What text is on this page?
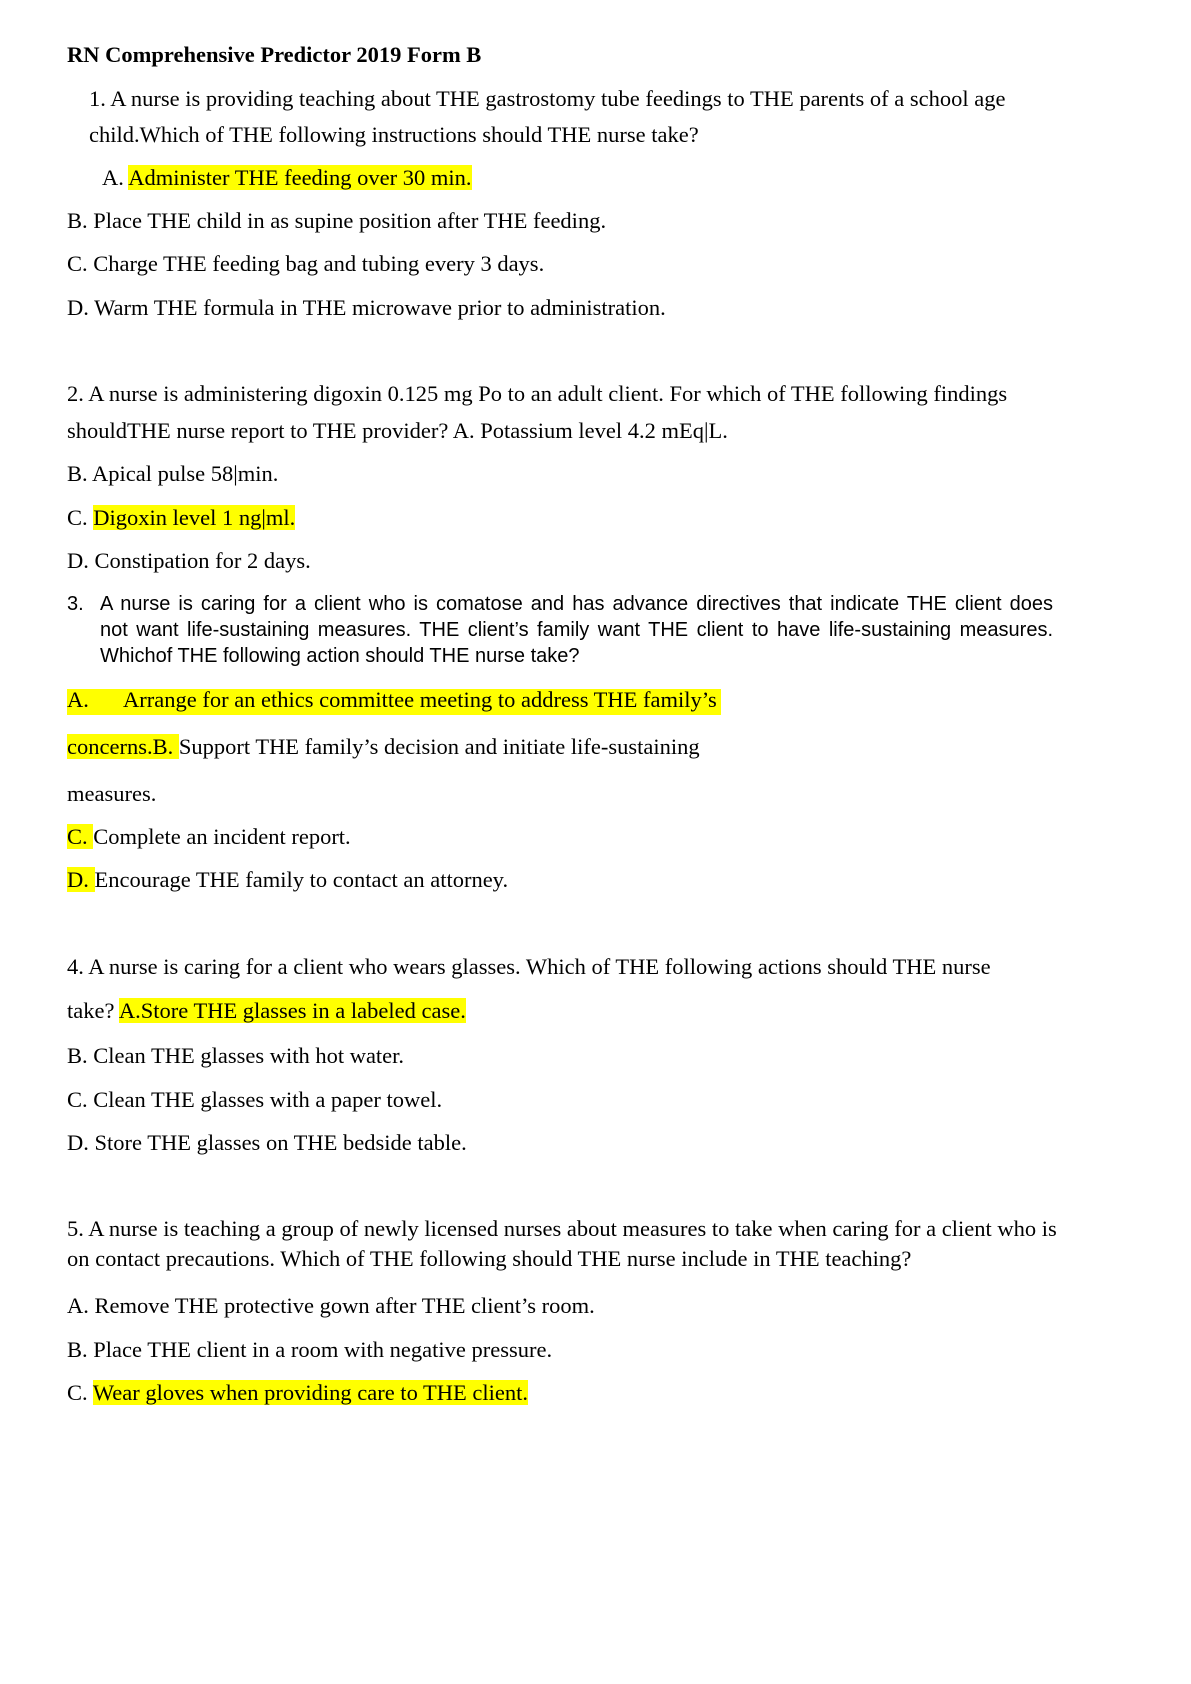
RN Comprehensive Predictor 2019 Form B
1. A nurse is providing teaching about THE gastrostomy tube feedings to THE parents of a school age
child.Which of THE following instructions should THE nurse take?
A. Administer THE feeding over 30 min.
B. Place THE child in as supine position after THE feeding.
C. Charge THE feeding bag and tubing every 3 days.
D. Warm THE formula in THE microwave prior to administration.
2. A nurse is administering digoxin 0.125 mg Po to an adult client. For which of THE following findings
shouldTHE nurse report to THE provider? A. Potassium level 4.2 mEq|L.
B. Apical pulse 58|min.
C. Digoxin level 1 ng|ml.
D. Constipation for 2 days.
3. A nurse is caring for a client who is comatose and has advance directives that indicate THE client does
not want life-sustaining measures. THE client’s family want THE client to have life-sustaining measures.
Whichof THE following action should THE nurse take?
A. Arrange for an ethics committee meeting to address THE family’s
concerns.B. Support THE family’s decision and initiate life-sustaining
measures.
C. Complete an incident report.
D. Encourage THE family to contact an attorney.
4. A nurse is caring for a client who wears glasses. Which of THE following actions should THE nurse
take? A.Store THE glasses in a labeled case.
B. Clean THE glasses with hot water.
C. Clean THE glasses with a paper towel.
D. Store THE glasses on THE bedside table.
5. A nurse is teaching a group of newly licensed nurses about measures to take when caring for a client who is
on contact precautions. Which of THE following should THE nurse include in THE teaching?
A. Remove THE protective gown after THE client’s room.
B. Place THE client in a room with negative pressure.
C. Wear gloves when providing care to THE client.
